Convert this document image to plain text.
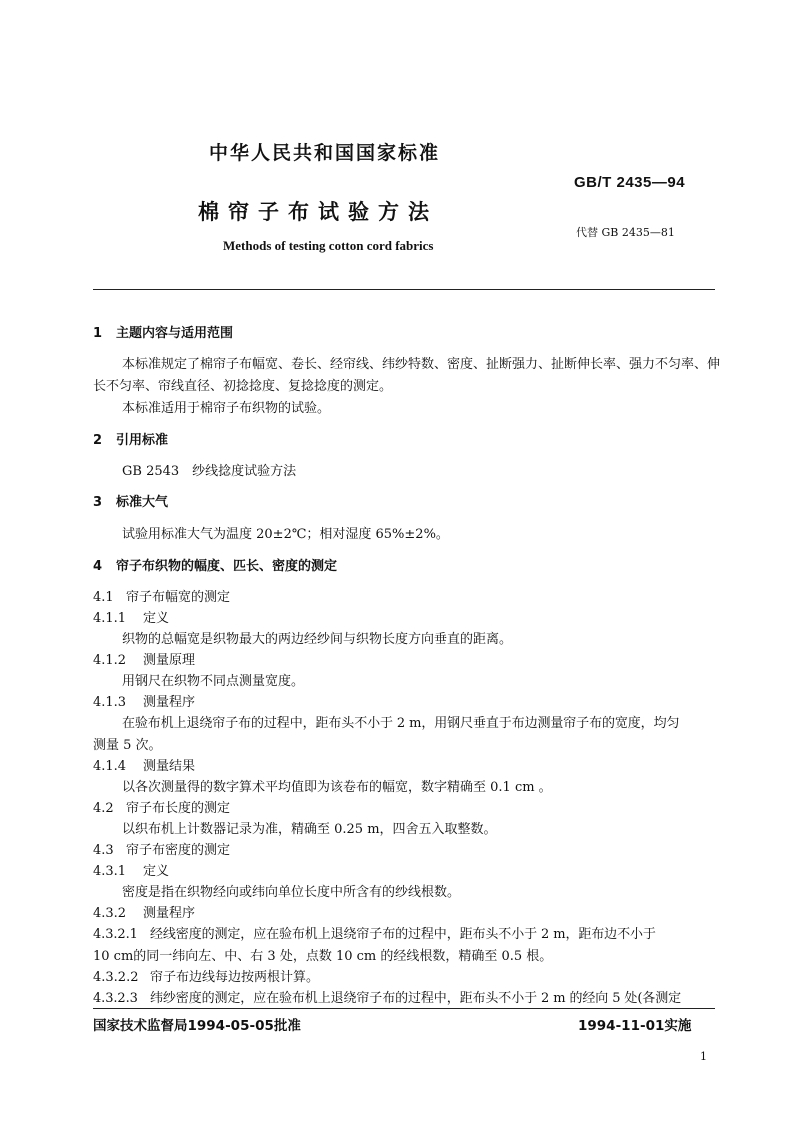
中华人民共和国国家标准
GB/T 2435—94
棉帘子布试验方法
代替 GB 2435—81
Methods of testing cotton cord fabrics
1 主题内容与适用范围
本标准规定了棉帘子布幅宽、卷长、经帘线、纬纱特数、密度、扯断强力、扯断伸长率、强力不匀率、伸
长不匀率、帘线直径、初捻捻度、复捻捻度的测定。
本标准适用于棉帘子布织物的试验。
2 引用标准
GB 2543　纱线捻度试验方法
3 标准大气
试验用标准大气为温度 20±2℃；相对湿度 65%±2%。
4 帘子布织物的幅度、匹长、密度的测定
4.1 帘子布幅宽的测定
4.1.1 定义
织物的总幅宽是织物最大的两边经纱间与织物长度方向垂直的距离。
4.1.2 测量原理
用钢尺在织物不同点测量宽度。
4.1.3 测量程序
在验布机上退绕帘子布的过程中，距布头不小于 2 m，用钢尺垂直于布边测量帘子布的宽度，均匀
测量 5 次。
4.1.4 测量结果
以各次测量得的数字算术平均值即为该卷布的幅宽，数字精确至 0.1 cm 。
4.2 帘子布长度的测定
以织布机上计数器记录为准，精确至 0.25 m，四舍五入取整数。
4.3 帘子布密度的测定
4.3.1 定义
密度是指在织物经向或纬向单位长度中所含有的纱线根数。
4.3.2 测量程序
4.3.2.1 经线密度的测定，应在验布机上退绕帘子布的过程中，距布头不小于 2 m，距布边不小于
10 cm的同一纬向左、中、右 3 处，点数 10 cm 的经线根数，精确至 0.5 根。
4.3.2.2 帘子布边线每边按两根计算。
4.3.2.3 纬纱密度的测定，应在验布机上退绕帘子布的过程中，距布头不小于 2 m 的经向 5 处(各测定
国家技术监督局1994-05-05批准	1994-11-01实施
1
